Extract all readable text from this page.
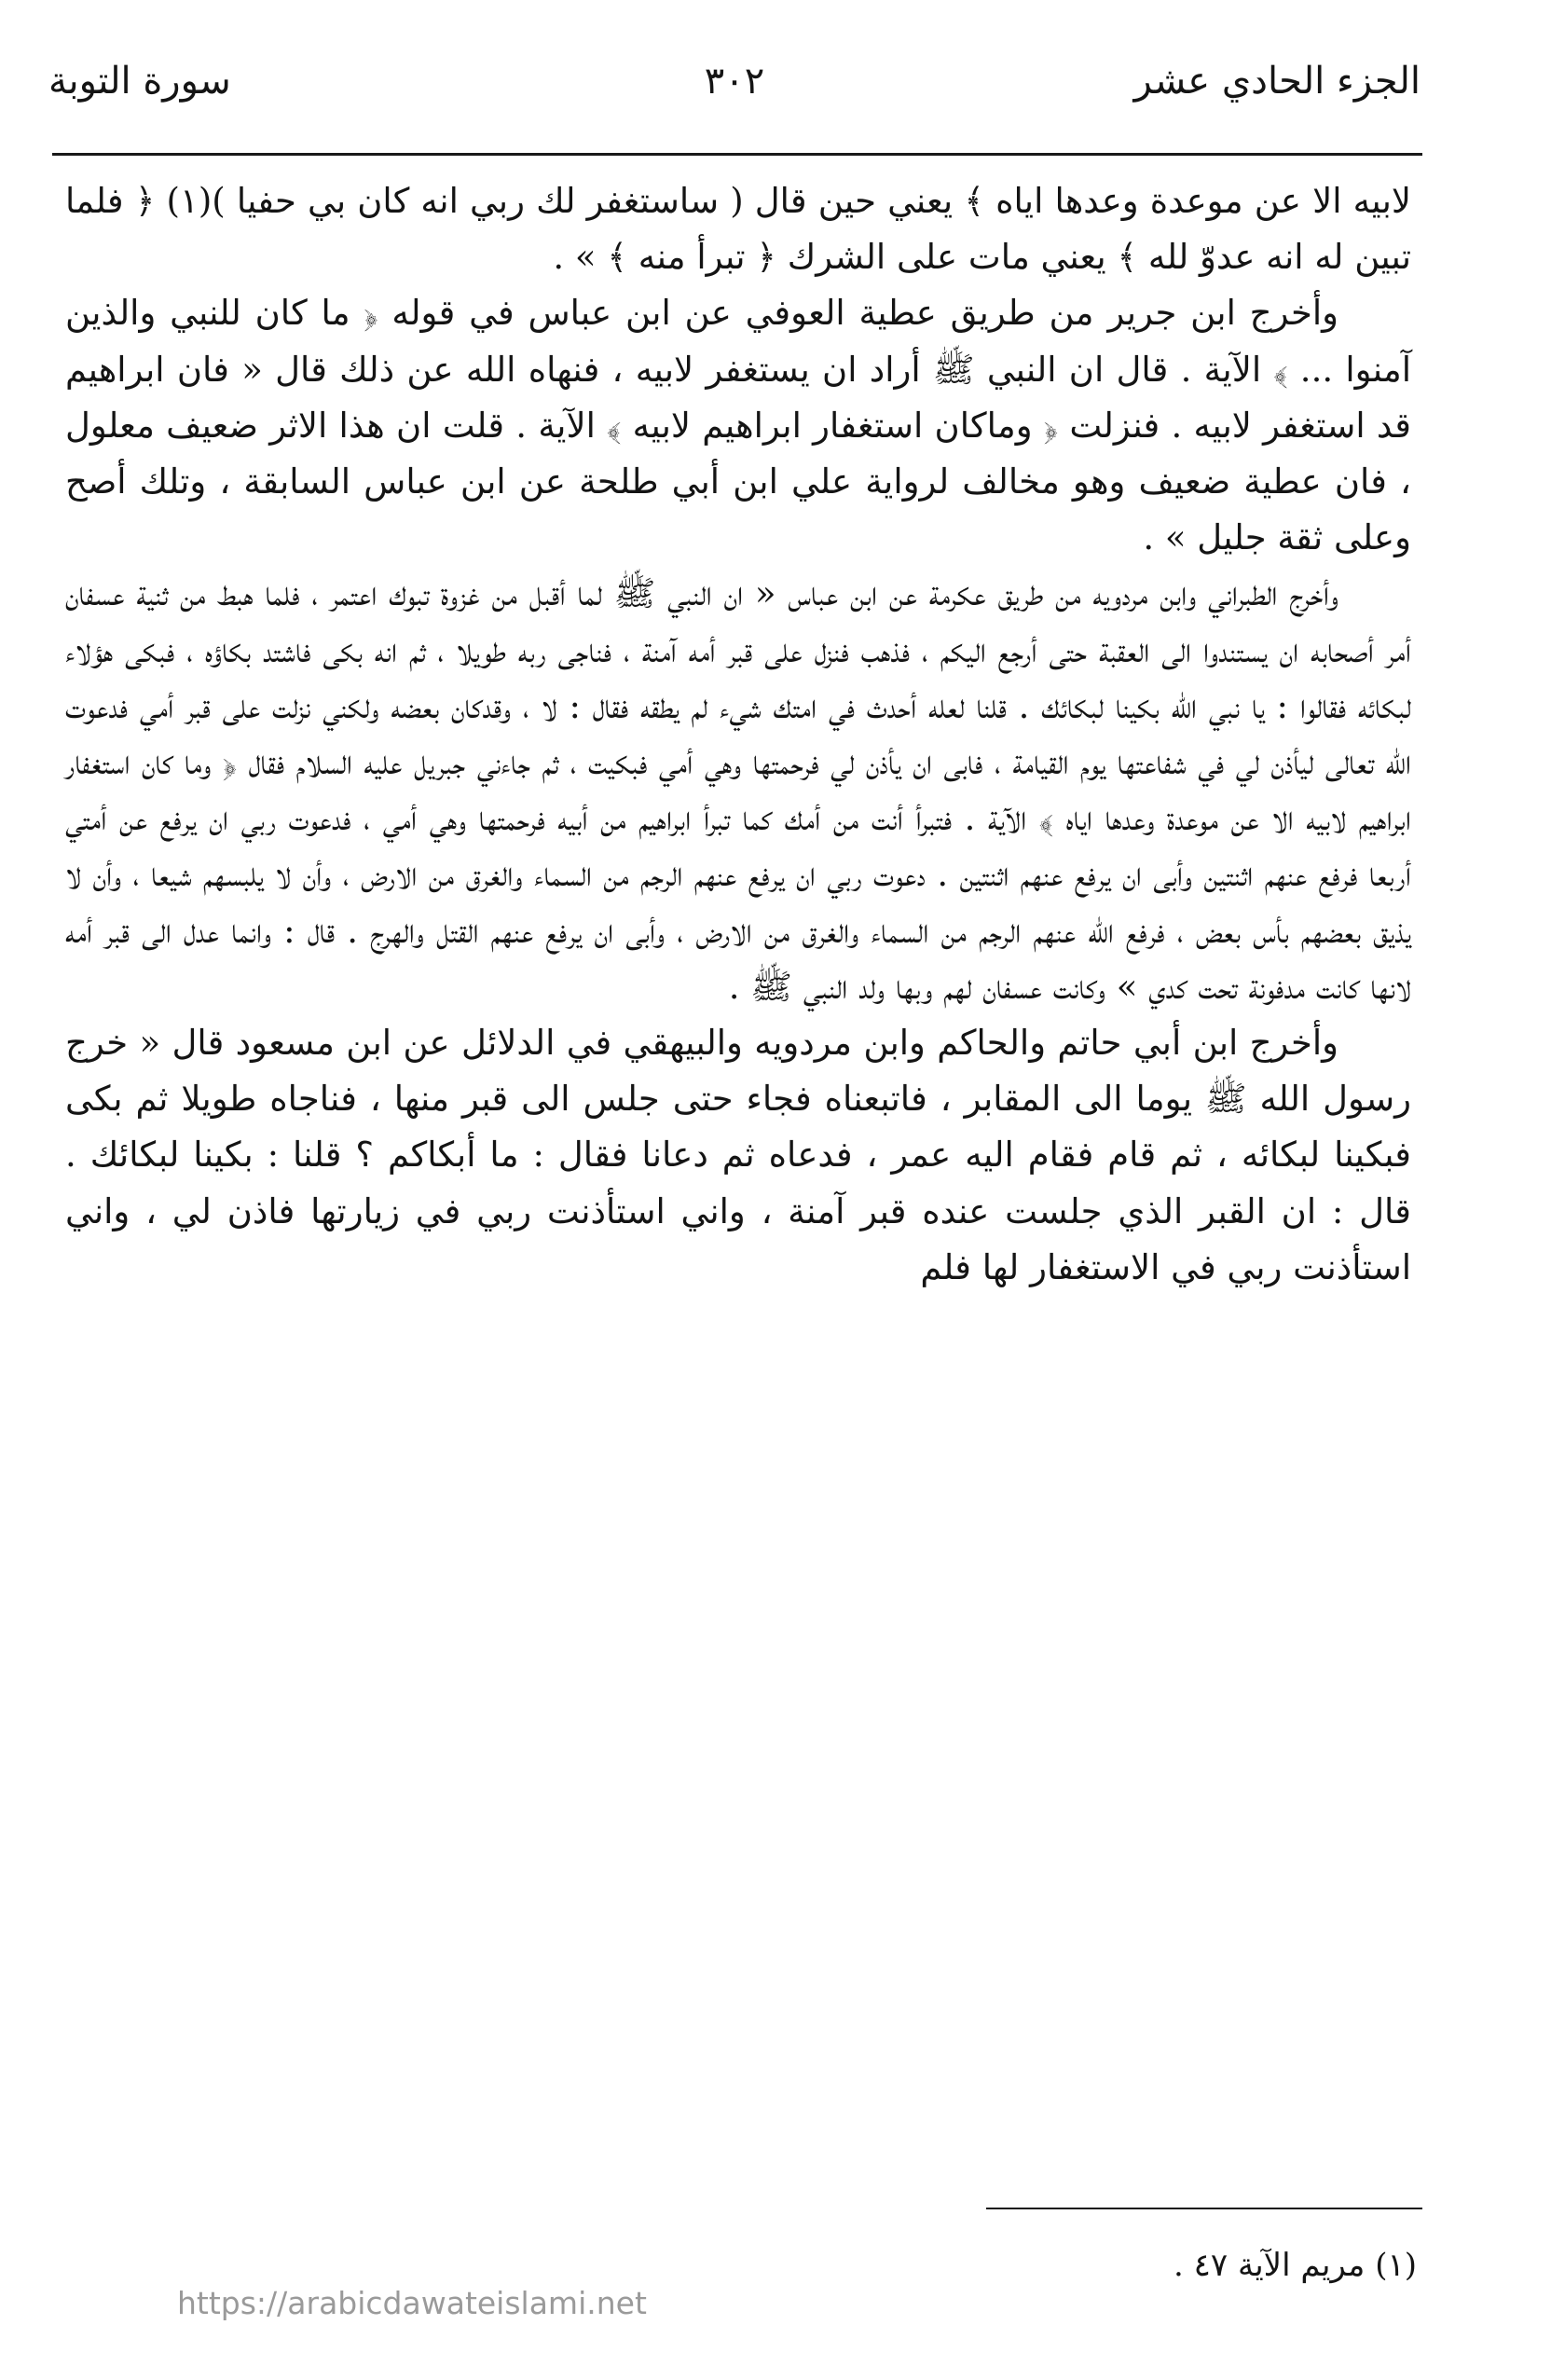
الجزء الحادي عشر
٣٠٢
سورة التوبة

لابيه الا عن موعدة وعدها اياه ﴾ يعني حين قال ( ساستغفر لك ربي انه كان بي حفيا )(١) ﴿ فلما تبين له انه عدوّ لله ﴾ يعني مات على الشرك ﴿ تبرأ منه ﴾ » .

وأخرج ابن جرير من طريق عطية العوفي عن ابن عباس في قوله ﴿ ما كان للنبي والذين آمنوا ... ﴾ الآية . قال ان النبي ﷺ أراد ان يستغفر لابيه ، فنهاه الله عن ذلك قال « فان ابراهيم قد استغفر لابيه . فنزلت ﴿ وماكان استغفار ابراهيم لابيه ﴾ الآية . قلت ان هذا الاثر ضعيف معلول ، فان عطية ضعيف وهو مخالف لرواية علي ابن أبي طلحة عن ابن عباس السابقة ، وتلك أصح وعلى ثقة جليل » .

وأخرج الطبراني وابن مردويه من طريق عكرمة عن ابن عباس « ان النبي ﷺ لما أقبل من غزوة تبوك اعتمر ، فلما هبط من ثنية عسفان أمر أصحابه ان يستندوا الى العقبة حتى أرجع اليكم ، فذهب فنزل على قبر أمه آمنة ، فناجى ربه طويلا ، ثم انه بكى فاشتد بكاؤه ، فبكى هؤلاء لبكائه فقالوا : يا نبي الله بكينا لبكائك . قلنا لعله أحدث في امتك شيء لم يطقه فقال : لا ، وقدكان بعضه ولكني نزلت على قبر أمي فدعوت الله تعالى ليأذن لي في شفاعتها يوم القيامة ، فابى ان يأذن لي فرحمتها وهي أمي فبكيت ، ثم جاءني جبريل عليه السلام فقال ﴿ وما كان استغفار ابراهيم لابيه الا عن موعدة وعدها اياه ﴾ الآية . فتبرأ أنت من أمك كما تبرأ ابراهيم من أبيه فرحمتها وهي أمي ، فدعوت ربي ان يرفع عن أمتي أربعا فرفع عنهم اثنتين وأبى ان يرفع عنهم اثنتين . دعوت ربي ان يرفع عنهم الرجم من السماء والغرق من الارض ، وأن لا يلبسهم شيعا ، وأن لا يذيق بعضهم بأس بعض ، فرفع الله عنهم الرجم من السماء والغرق من الارض ، وأبى ان يرفع عنهم القتل والهرج . قال : وانما عدل الى قبر أمه لانها كانت مدفونة تحت كدي » وكانت عسفان لهم وبها ولد النبي ﷺ .

وأخرج ابن أبي حاتم والحاكم وابن مردويه والبيهقي في الدلائل عن ابن مسعود قال « خرج رسول الله ﷺ يوما الى المقابر ، فاتبعناه فجاء حتى جلس الى قبر منها ، فناجاه طويلا ثم بكى فبكينا لبكائه ، ثم قام فقام اليه عمر ، فدعاه ثم دعانا فقال : ما أبكاكم ؟ قلنا : بكينا لبكائك . قال : ان القبر الذي جلست عنده قبر آمنة ، واني استأذنت ربي في زيارتها فاذن لي ، واني استأذنت ربي في الاستغفار لها فلم

(١) مريم الآية ٤٧ .
https://arabicdawateislami.net
